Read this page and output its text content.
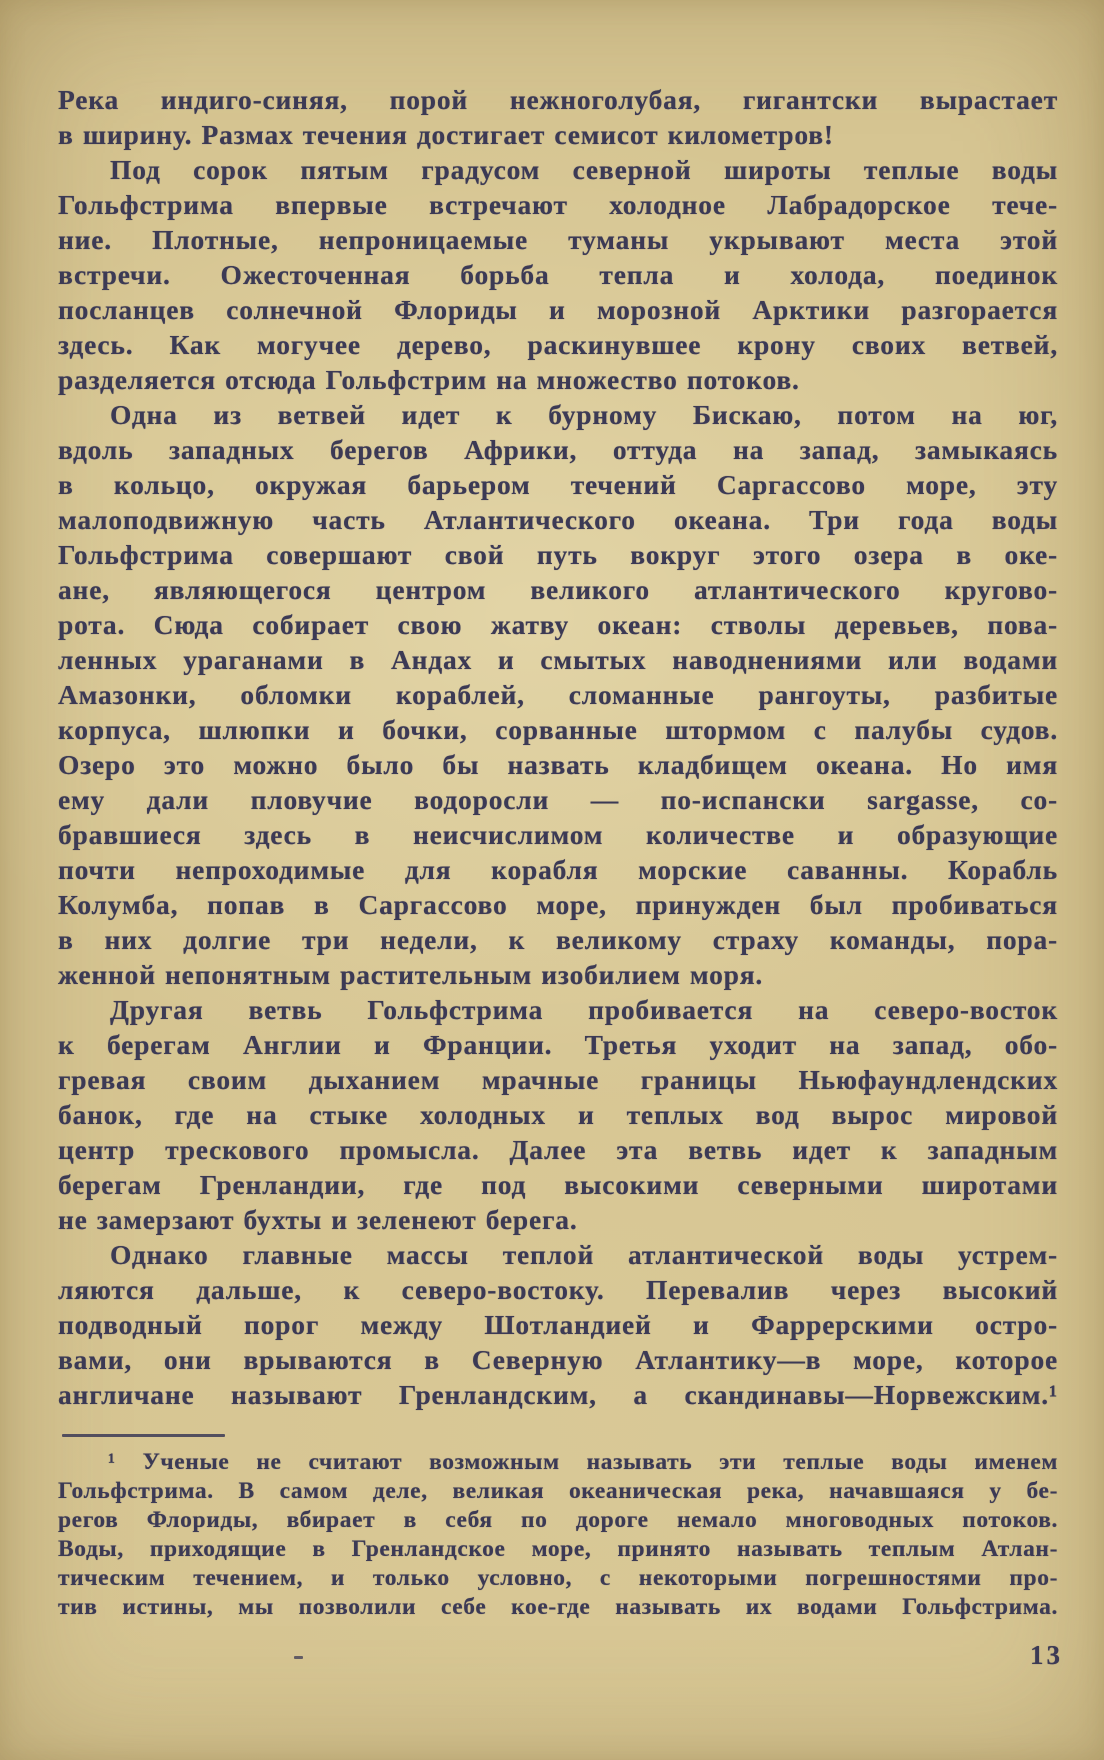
Река индиго-синяя, порой нежноголубая, гигантски вырастает
в ширину. Размах течения достигает семисот километров!
Под сорок пятым градусом северной широты теплые воды
Гольфстрима впервые встречают холодное Лабрадорское тече-
ние. Плотные, непроницаемые туманы укрывают места этой
встречи. Ожесточенная борьба тепла и холода, поединок
посланцев солнечной Флориды и морозной Арктики разгорается
здесь. Как могучее дерево, раскинувшее крону своих ветвей,
разделяется отсюда Гольфстрим на множество потоков.
Одна из ветвей идет к бурному Бискаю, потом на юг,
вдоль западных берегов Африки, оттуда на запад, замыкаясь
в кольцо, окружая барьером течений Саргассово море, эту
малоподвижную часть Атлантического океана. Три года воды
Гольфстрима совершают свой путь вокруг этого озера в оке-
ане, являющегося центром великого атлантического кругово-
рота. Сюда собирает свою жатву океан: стволы деревьев, пова-
ленных ураганами в Андах и смытых наводнениями или водами
Амазонки, обломки кораблей, сломанные рангоуты, разбитые
корпуса, шлюпки и бочки, сорванные штормом с палубы судов.
Озеро это можно было бы назвать кладбищем океана. Но имя
ему дали пловучие водоросли — по-испански sargasse, со-
бравшиеся здесь в неисчислимом количестве и образующие
почти непроходимые для корабля морские саванны. Корабль
Колумба, попав в Саргассово море, принужден был пробиваться
в них долгие три недели, к великому страху команды, пора-
женной непонятным растительным изобилием моря.
Другая ветвь Гольфстрима пробивается на северо-восток
к берегам Англии и Франции. Третья уходит на запад, обо-
гревая своим дыханием мрачные границы Ньюфаундлендских
банок, где на стыке холодных и теплых вод вырос мировой
центр трескового промысла. Далее эта ветвь идет к западным
берегам Гренландии, где под высокими северными широтами
не замерзают бухты и зеленеют берега.
Однако главные массы теплой атлантической воды устрем-
ляются дальше, к северо-востоку. Перевалив через высокий
подводный порог между Шотландией и Фаррерскими остро-
вами, они врываются в Северную Атлантику—в море, которое
англичане называют Гренландским, а скандинавы—Норвежским.¹
¹ Ученые не считают возможным называть эти теплые воды именем
Гольфстрима. В самом деле, великая океаническая река, начавшаяся у бе-
регов Флориды, вбирает в себя по дороге немало многоводных потоков.
Воды, приходящие в Гренландское море, принято называть теплым Атлан-
тическим течением, и только условно, с некоторыми погрешностями про-
тив истины, мы позволили себе кое-где называть их водами Гольфстрима.
13
